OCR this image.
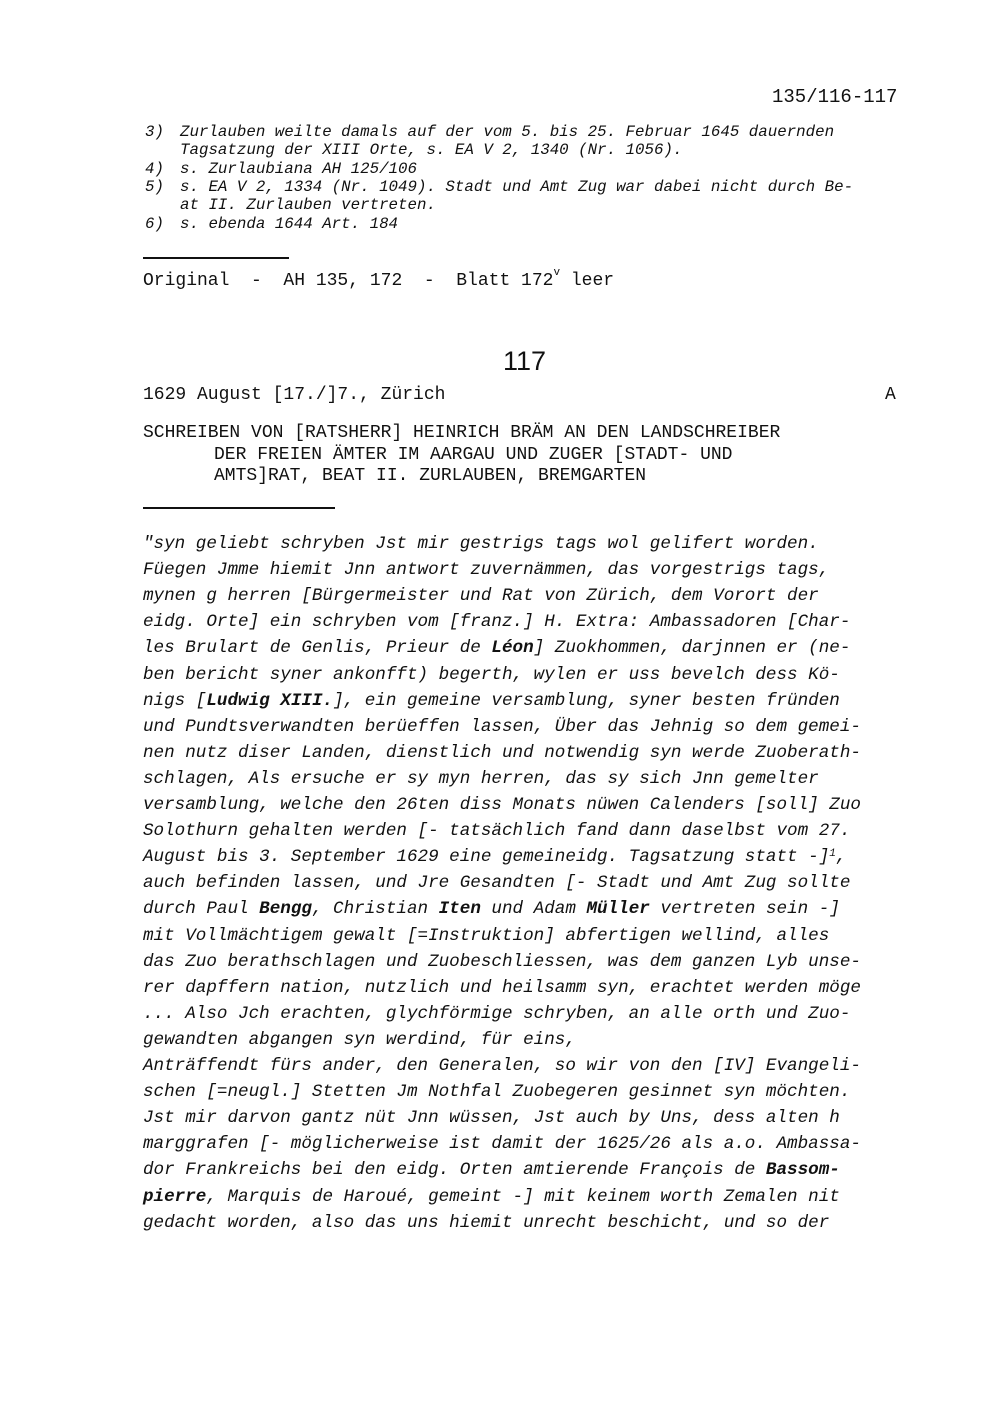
135/116-117
3) Zurlauben weilte damals auf der vom 5. bis 25. Februar 1645 dauernden
Tagsatzung der XIII Orte, s. EA V 2, 1340 (Nr. 1056).
4) s. Zurlaubiana AH 125/106
5) s. EA V 2, 1334 (Nr. 1049). Stadt und Amt Zug war dabei nicht durch Be-
at II. Zurlauben vertreten.
6) s. ebenda 1644 Art. 184
Original  -  AH 135, 172  -  Blatt 172$^v$ leer
117
1629 August [17./]7., Zürich	A
SCHREIBEN VON [RATSHERR] HEINRICH BRÄM AN DEN LANDSCHREIBER
DER FREIEN ÄMTER IM AARGAU UND ZUGER [STADT- UND
AMTS]RAT, BEAT II. ZURLAUBEN, BREMGARTEN
"syn geliebt schryben Jst mir gestrigs tags wol gelifert worden.
Füegen Jmme hiemit Jnn antwort zuvernämmen, das vorgestrigs tags,
mynen g herren [Bürgermeister und Rat von Zürich, dem Vorort der
eidg. Orte] ein schryben vom [franz.] H. Extra: Ambassadoren [Char-
les Brulart de Genlis, Prieur de Léon] Zuokhommen, darjnnen er (ne-
ben bericht syner ankonfft) begerth, wylen er uss bevelch dess Kö-
nigs [Ludwig XIII.], ein gemeine versamblung, syner besten fründen
und Pundtsverwandten berüeffen lassen, Über das Jehnig so dem gemei-
nen nutz diser Landen, dienstlich und notwendig syn werde Zuoberath-
schlagen, Als ersuche er sy myn herren, das sy sich Jnn gemelter
versamblung, welche den 26ten diss Monats nüwen Calenders [soll] Zuo
Solothurn gehalten werden [- tatsächlich fand dann daselbst vom 27.
August bis 3. September 1629 eine gemeineidg. Tagsatzung statt -]$^1$,
auch befinden lassen, und Jre Gesandten [- Stadt und Amt Zug sollte
durch Paul Bengg, Christian Iten und Adam Müller vertreten sein -]
mit Vollmächtigem gewalt [=Instruktion] abfertigen wellind, alles
das Zuo berathschlagen und Zuobeschliessen, was dem ganzen Lyb unse-
rer dapffern nation, nutzlich und heilsamm syn, erachtet werden möge
... Also Jch erachten, glychförmige schryben, an alle orth und Zuo-
gewandten abgangen syn werdind, für eins,
Anträffendt fürs ander, den Generalen, so wir von den [IV] Evangeli-
schen [=neugl.] Stetten Jm Nothfal Zuobegeren gesinnet syn möchten.
Jst mir darvon gantz nüt Jnn wüssen, Jst auch by Uns, dess alten h
marggrafen [- möglicherweise ist damit der 1625/26 als a.o. Ambassa-
dor Frankreichs bei den eidg. Orten amtierende François de Bassom-
pierre, Marquis de Haroué, gemeint -] mit keinem worth Zemalen nit
gedacht worden, also das uns hiemit unrecht beschicht, und so der
